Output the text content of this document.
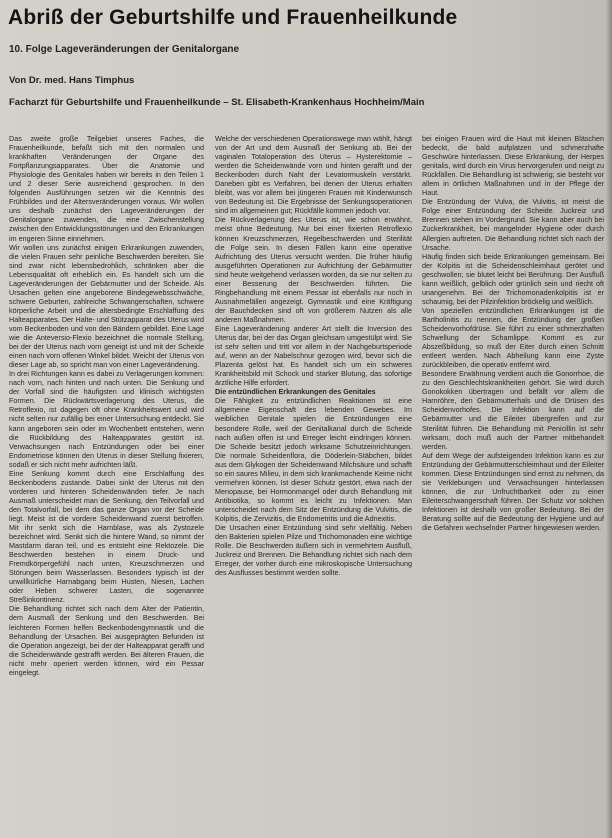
Abriß der Geburtshilfe und Frauenheilkunde
10. Folge Lageveränderungen der Genitalorgane
Von Dr. med. Hans Timphus
Facharzt für Geburtshilfe und Frauenheilkunde – St. Elisabeth-Krankenhaus Hochheim/Main

Das zweite große Teilgebiet unseres Faches, die Frauenheilkunde, befaßt sich mit den normalen und krankhaften Veränderungen der Organe des Fortpflanzungsapparates. Über die Anatomie und Physiologie des Genitales haben wir bereits in den Teilen 1 und 2 dieser Serie ausreichend gesprochen. In den folgenden Ausführungen setzen wir die Kenntnis des Frühbildes und der Altersveränderungen voraus. Wir wollen uns deshalb zunächst den Lageveränderungen der Genitalorgane zuwenden, die eine Zwischenstellung zwischen den Entwicklungsstörungen und den Erkrankungen im engeren Sinne einnehmen.

Wir wollen uns zunächst einigen Erkrankungen zuwenden, die vielen Frauen sehr peinliche Beschwerden bereiten. Sie sind zwar nicht lebensbedrohlich, schränken aber die Lebensqualität oft erheblich ein. Es handelt sich um die Lageveränderungen der Gebärmutter und der Scheide. Als Ursachen gelten eine angeborene Bindegewebsschwäche, schwere Geburten, zahlreiche Schwangerschaften, schwere körperliche Arbeit und die altersbedingte Erschlaffung des Halteapparates. Der Halte- und Stützapparat des Uterus wird vom Beckenboden und von den Bändern gebildet. Eine Lage wie die Anteversio-Flexio bezeichnet die normale Stellung, bei der der Uterus nach vorn geneigt ist und mit der Scheide einen nach vorn offenen Winkel bildet. Weicht der Uterus von dieser Lage ab, so spricht man von einer Lageveränderung.

In drei Richtungen kann es dabei zu Verlagerungen kommen: nach vorn, nach hinten und nach unten. Die Senkung und der Vorfall sind die häufigsten und klinisch wichtigsten Formen. Die Rückwärtsverlagerung des Uterus, die Retroflexio, ist dagegen oft ohne Krankheitswert und wird nicht selten nur zufällig bei einer Untersuchung entdeckt. Sie kann angeboren sein oder im Wochenbett entstehen, wenn die Rückbildung des Halteapparates gestört ist. Verwachsungen nach Entzündungen oder bei einer Endometriose können den Uterus in dieser Stellung fixieren, sodaß er sich nicht mehr aufrichten läßt.

Eine Senkung kommt durch eine Erschlaffung des Beckenbodens zustande. Dabei sinkt der Uterus mit den vorderen und hinteren Scheidenwänden tiefer. Je nach Ausmaß unterscheidet man die Senkung, den Teilvorfall und den Totalvorfall, bei dem das ganze Organ vor der Scheide liegt. Meist ist die vordere Scheidenwand zuerst betroffen. Mit ihr senkt sich die Harnblase, was als Zystozele bezeichnet wird. Senkt sich die hintere Wand, so nimmt der Mastdarm daran teil, und es entsteht eine Rektozele. Die Beschwerden bestehen in einem Druck- und Fremdkörpergefühl nach unten, Kreuzschmerzen und Störungen beim Wasserlassen. Besonders typisch ist der unwillkürliche Harnabgang beim Husten, Niesen, Lachen oder Heben schwerer Lasten, die sogenannte Streßinkontinenz.

Die Behandlung richtet sich nach dem Alter der Patientin, dem Ausmaß der Senkung und den Beschwerden. Bei leichteren Formen helfen Beckenbodengymnastik und die Behandlung der Ursachen. Bei ausgeprägten Befunden ist die Operation angezeigt, bei der der Halteapparat gerafft und die Scheidenwände gestrafft werden. Bei älteren Frauen, die nicht mehr operiert werden können, wird ein Pessar eingelegt.

Welche der verschiedenen Operationswege man wählt, hängt von der Art und dem Ausmaß der Senkung ab. Bei der vaginalen Totaloperation des Uterus – Hysterektomie – werden die Scheidenwände vorn und hinten gerafft und der Beckenboden durch Naht der Levatormuskeln verstärkt. Daneben gibt es Verfahren, bei denen der Uterus erhalten bleibt, was vor allem bei jüngeren Frauen mit Kinderwunsch von Bedeutung ist. Die Ergebnisse der Senkungsoperationen sind im allgemeinen gut; Rückfälle kommen jedoch vor.

Die Rückverlagerung des Uterus ist, wie schon erwähnt, meist ohne Bedeutung. Nur bei einer fixierten Retroflexio können Kreuzschmerzen, Regelbeschwerden und Sterilität die Folge sein. In diesen Fällen kann eine operative Aufrichtung des Uterus versucht werden. Die früher häufig ausgeführten Operationen zur Aufrichtung der Gebärmutter sind heute weitgehend verlassen worden, da sie nur selten zu einer Besserung der Beschwerden führten. Die Ringbehandlung mit einem Pessar ist ebenfalls nur noch in Ausnahmefällen angezeigt. Gymnastik und eine Kräftigung der Bauchdecken sind oft von größerem Nutzen als alle anderen Maßnahmen.

Eine Lageveränderung anderer Art stellt die Inversion des Uterus dar, bei der das Organ gleichsam umgestülpt wird. Sie ist sehr selten und tritt vor allem in der Nachgeburtsperiode auf, wenn an der Nabelschnur gezogen wird, bevor sich die Plazenta gelöst hat. Es handelt sich um ein schweres Krankheitsbild mit Schock und starker Blutung, das sofortige ärztliche Hilfe erfordert.

Die entzündlichen Erkrankungen des Genitales

Die Fähigkeit zu entzündlichen Reaktionen ist eine allgemeine Eigenschaft des lebenden Gewebes. Im weiblichen Genitale spielen die Entzündungen eine besondere Rolle, weil der Genitalkanal durch die Scheide nach außen offen ist und Erreger leicht eindringen können. Die Scheide besitzt jedoch wirksame Schutzeinrichtungen. Die normale Scheidenflora, die Döderlein-Stäbchen, bildet aus dem Glykogen der Scheidenwand Milchsäure und schafft so ein saures Milieu, in dem sich krankmachende Keime nicht vermehren können. Ist dieser Schutz gestört, etwa nach der Menopause, bei Hormonmangel oder durch Behandlung mit Antibiotika, so kommt es leicht zu Infektionen. Man unterscheidet nach dem Sitz der Entzündung die Vulvitis, die Kolpitis, die Zervizitis, die Endometritis und die Adnexitis.

Die Ursachen einer Entzündung sind sehr vielfältig. Neben den Bakterien spielen Pilze und Trichomonaden eine wichtige Rolle. Die Beschwerden äußern sich in vermehrtem Ausfluß, Juckreiz und Brennen. Die Behandlung richtet sich nach dem Erreger, der vorher durch eine mikroskopische Untersuchung des Ausflusses bestimmt werden sollte.

bei einigen Frauen wird die Haut mit kleinen Bläschen bedeckt, die bald aufplatzen und schmerzhafte Geschwüre hinterlassen. Diese Erkrankung, der Herpes genitalis, wird durch ein Virus hervorgerufen und neigt zu Rückfällen. Die Behandlung ist schwierig; sie besteht vor allem in örtlichen Maßnahmen und in der Pflege der Haut.

Die Entzündung der Vulva, die Vulvitis, ist meist die Folge einer Entzündung der Scheide. Juckreiz und Brennen stehen im Vordergrund. Sie kann aber auch bei Zuckerkrankheit, bei mangelnder Hygiene oder durch Allergien auftreten. Die Behandlung richtet sich nach der Ursache.

Häufig finden sich beide Erkrankungen gemeinsam. Bei der Kolpitis ist die Scheidenschleimhaut gerötet und geschwollen; sie blutet leicht bei Berührung. Der Ausfluß kann weißlich, gelblich oder grünlich sein und riecht oft unangenehm. Bei der Trichomonadenkolpitis ist er schaumig, bei der Pilzinfektion bröckelig und weißlich.

Von speziellen entzündlichen Erkrankungen ist die Bartholinitis zu nennen, die Entzündung der großen Scheidenvorhofdrüse. Sie führt zu einer schmerzhaften Schwellung der Schamlippe. Kommt es zur Abszeßbildung, so muß der Eiter durch einen Schnitt entleert werden. Nach Abheilung kann eine Zyste zurückbleiben, die operativ entfernt wird.

Besondere Erwähnung verdient auch die Gonorrhoe, die zu den Geschlechtskrankheiten gehört. Sie wird durch Gonokokken übertragen und befällt vor allem die Harnröhre, den Gebärmutterhals und die Drüsen des Scheidenvorhofes. Die Infektion kann auf die Gebärmutter und die Eileiter übergreifen und zur Sterilität führen. Die Behandlung mit Penicillin ist sehr wirksam, doch muß auch der Partner mitbehandelt werden.

Auf dem Wege der aufsteigenden Infektion kann es zur Entzündung der Gebärmutterschleimhaut und der Eileiter kommen. Diese Entzündungen sind ernst zu nehmen, da sie Verklebungen und Verwachsungen hinterlassen können, die zur Unfruchtbarkeit oder zu einer Eileiterschwangerschaft führen. Der Schutz vor solchen Infektionen ist deshalb von großer Bedeutung. Bei der Beratung sollte auf die Bedeutung der Hygiene und auf die Gefahren wechselnder Partner hingewiesen werden.
